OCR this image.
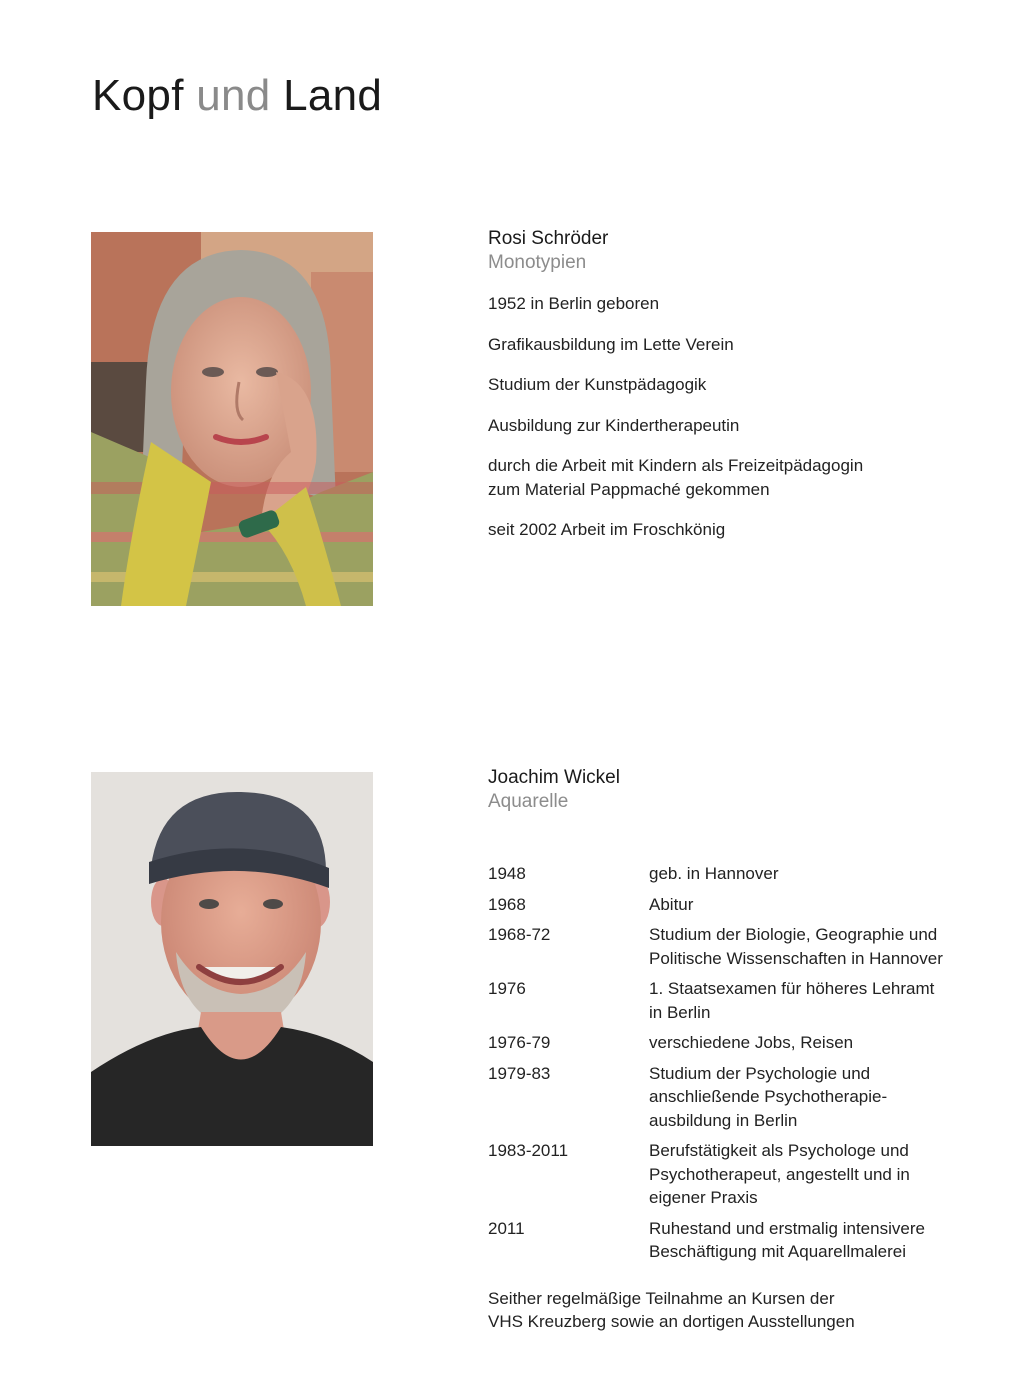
Kopf und Land

Rosi Schröder

Monotypien

1952 in Berlin geboren

Grafikausbildung im Lette Verein

Studium der Kunstpädagogik

Ausbildung zur Kindertherapeutin

durch die Arbeit mit Kindern als Freizeitpädagogin
zum Material Pappmaché gekommen

seit 2002 Arbeit im Froschkönig

Joachim Wickel

Aquarelle

1948	geb. in Hannover
1968	Abitur
1968-72	Studium der Biologie, Geographie und
Politische Wissenschaften in Hannover
1976	1. Staatsexamen für höheres Lehramt
in Berlin
1976-79	verschiedene Jobs, Reisen
1979-83	Studium der Psychologie und
anschließende Psychotherapie-
ausbildung in Berlin
1983-2011	Berufstätigkeit als Psychologe und
Psychotherapeut, angestellt und in
eigener Praxis
2011	Ruhestand und erstmalig intensivere
Beschäftigung mit Aquarellmalerei

Seither regelmäßige Teilnahme an Kursen der
VHS Kreuzberg sowie an dortigen Ausstellungen
